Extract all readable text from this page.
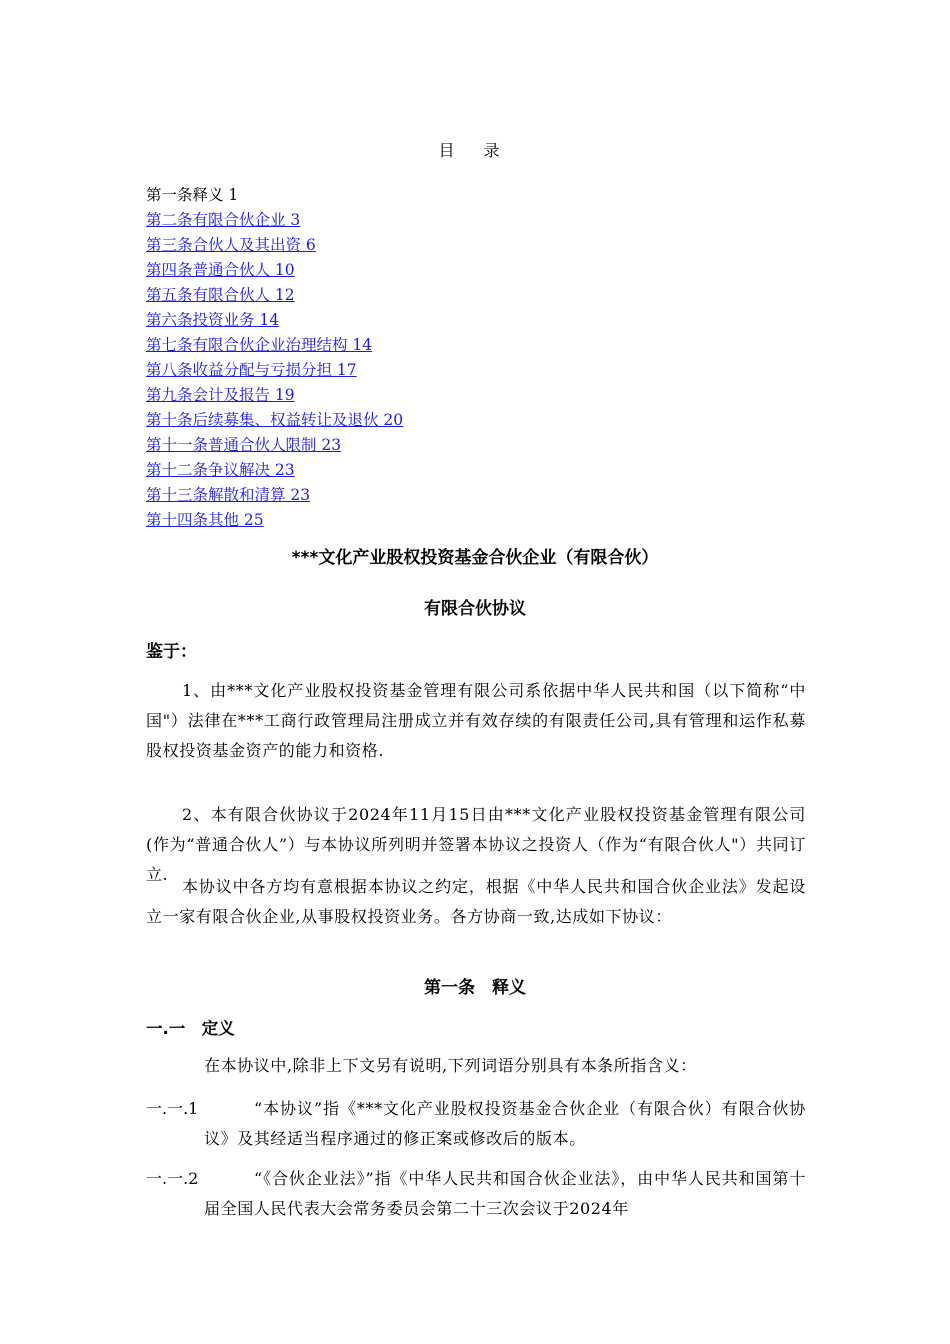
目 录
第一条释义 1
第二条有限合伙企业 3
第三条合伙人及其出资 6
第四条普通合伙人 10
第五条有限合伙人 12
第六条投资业务 14
第七条有限合伙企业治理结构 14
第八条收益分配与亏损分担 17
第九条会计及报告 19
第十条后续募集、权益转让及退伙 20
第十一条普通合伙人限制 23
第十二条争议解决 23
第十三条解散和清算 23
第十四条其他 25
***文化产业股权投资基金合伙企业（有限合伙）
有限合伙协议
鉴于：
1、由***文化产业股权投资基金管理有限公司系依据中华人民共和国（以下简称“中国"）法律在***工商行政管理局注册成立并有效存续的有限责任公司,具有管理和运作私募股权投资基金资产的能力和资格.
2、本有限合伙协议于2024年11月15日由***文化产业股权投资基金管理有限公司(作为“普通合伙人”）与本协议所列明并签署本协议之投资人（作为“有限合伙人"）共同订立.
本协议中各方均有意根据本协议之约定，根据《中华人民共和国合伙企业法》发起设立一家有限合伙企业,从事股权投资业务。各方协商一致,达成如下协议：
第一条　释义
一.一　定义
在本协议中,除非上下文另有说明,下列词语分别具有本条所指含义：
一.一.1	“本协议”指《***文化产业股权投资基金合伙企业（有限合伙）有限合伙协议》及其经适当程序通过的修正案或修改后的版本。
一.一.2	“《合伙企业法》”指《中华人民共和国合伙企业法》，由中华人民共和国第十届全国人民代表大会常务委员会第二十三次会议于2024年
